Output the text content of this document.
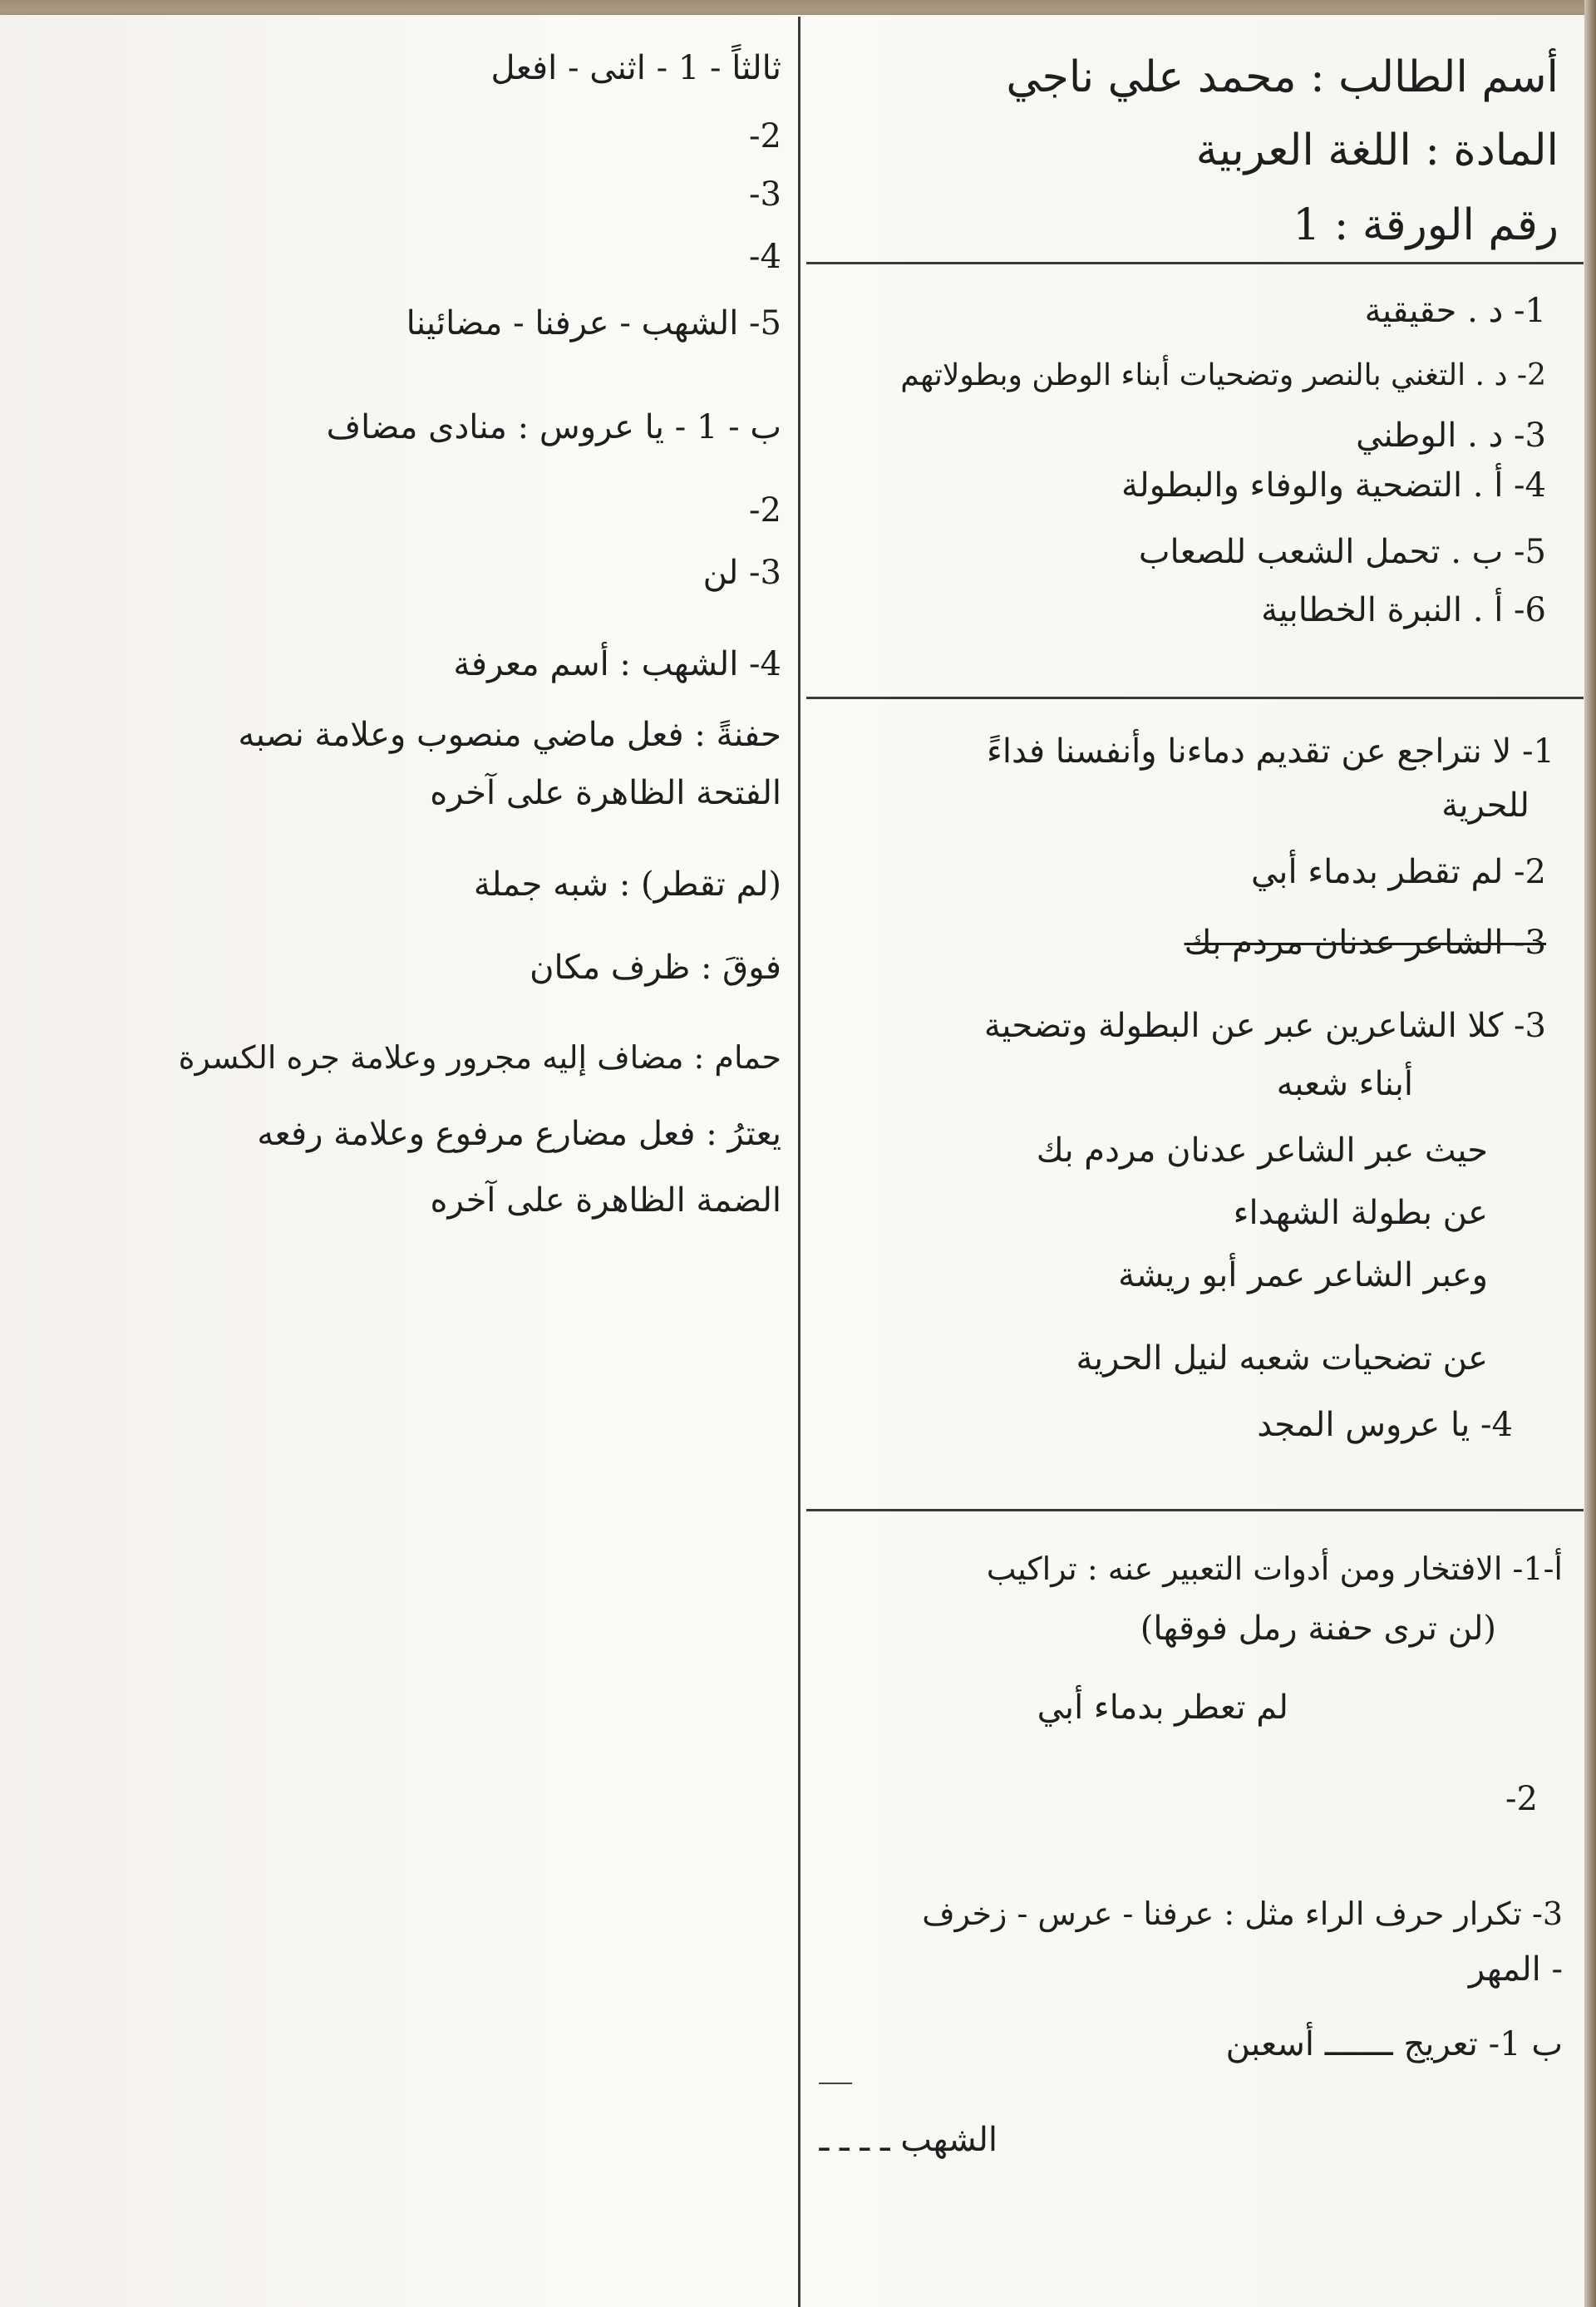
أسم الطالب : محمد علي ناجي
المادة : اللغة العربية
رقم الورقة : 1
1- د . حقيقية
2- د . التغني بالنصر وتضحيات أبناء الوطن وبطولاتهم
3- د . الوطني
4- أ . التضحية والوفاء والبطولة
5- ب . تحمل الشعب للصعاب
6- أ . النبرة الخطابية
1- لا نتراجع عن تقديم دماءنا وأنفسنا فداءً
للحرية
2- لم تقطر بدماء أبي
3- الشاعر عدنان مردم بك
3- كلا الشاعرين عبر عن البطولة وتضحية
أبناء شعبه
حيث عبر الشاعر عدنان مردم بك
عن بطولة الشهداء
وعبر الشاعر عمر أبو ريشة
عن تضحيات شعبه لنيل الحرية
4- يا عروس المجد
أ-1- الافتخار ومن أدوات التعبير عنه : تراكيب
(لن ترى حفنة رمل فوقها)
لم تعطر بدماء أبي
2-
3- تكرار حرف الراء مثل : عرفنا - عرس - زخرف
- المهر
ب 1- تعريج ـــــــ أسعبن
الشهب ـ ـ ـ ـ
ثالثاً - 1 - اثنى - افعل
2-
3-
4-
5- الشهب - عرفنا - مضائينا
ب - 1 - يا عروس : منادى مضاف
2-
3- لن
4- الشهب : أسم معرفة
حفنةً : فعل ماضي منصوب وعلامة نصبه
الفتحة الظاهرة على آخره
(لم تقطر) : شبه جملة
فوقَ : ظرف مكان
حمام : مضاف إليه مجرور وعلامة جره الكسرة
يعترُ : فعل مضارع مرفوع وعلامة رفعه
الضمة الظاهرة على آخره
